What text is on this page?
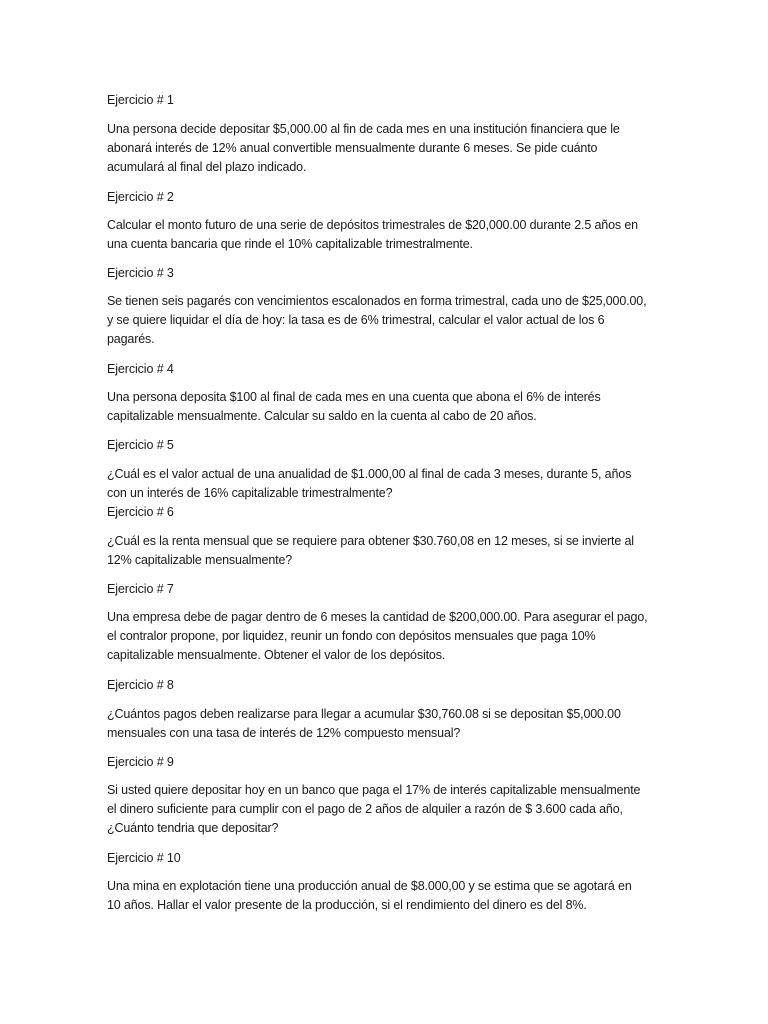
Ejercicio # 1

Una persona decide depositar $5,000.00 al fin de cada mes en una institución financiera que le
abonará interés de 12% anual convertible mensualmente durante 6 meses. Se pide cuánto
acumulará al final del plazo indicado.

Ejercicio # 2

Calcular el monto futuro de una serie de depósitos trimestrales de $20,000.00 durante 2.5 años en
una cuenta bancaria que rinde el 10% capitalizable trimestralmente.

Ejercicio # 3

Se tienen seis pagarés con vencimientos escalonados en forma trimestral, cada uno de $25,000.00,
y se quiere liquidar el día de hoy: la tasa es de 6% trimestral, calcular el valor actual de los 6
pagarés.

Ejercicio # 4

Una persona deposita $100 al final de cada mes en una cuenta que abona el 6% de interés
capitalizable mensualmente. Calcular su saldo en la cuenta al cabo de 20 años.

Ejercicio # 5

¿Cuál es el valor actual de una anualidad de $1.000,00 al final de cada 3 meses, durante 5, años
con un interés de 16% capitalizable trimestralmente?

Ejercicio # 6

¿Cuál es la renta mensual que se requiere para obtener $30.760,08 en 12 meses, si se invierte al
12% capitalizable mensualmente?

Ejercicio # 7

Una empresa debe de pagar dentro de 6 meses la cantidad de $200,000.00. Para asegurar el pago,
el contralor propone, por liquidez, reunir un fondo con depósitos mensuales que paga 10%
capitalizable mensualmente. Obtener el valor de los depósitos.

Ejercicio # 8

¿Cuántos pagos deben realizarse para llegar a acumular $30,760.08 si se depositan $5,000.00
mensuales con una tasa de interés de 12% compuesto mensual?

Ejercicio # 9

Si usted quiere depositar hoy en un banco que paga el 17% de interés capitalizable mensualmente
el dinero suficiente para cumplir con el pago de 2 años de alquiler a razón de $ 3.600 cada año,
¿Cuánto tendria que depositar?

Ejercicio # 10

Una mina en explotación tiene una producción anual de $8.000,00 y se estima que se agotará en
10 años. Hallar el valor presente de la producción, si el rendimiento del dinero es del 8%.
